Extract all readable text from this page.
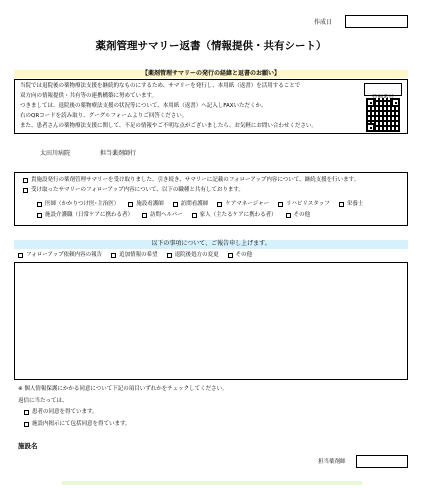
作成日
薬剤管理サマリー返書（情報提供・共有シート）
【薬剤管理サマリーの発行の経緯と返書のお願い】
当院では退院後の薬物療法支援を継続的なものにするため、サマリーを発行し、本用紙（返書）を活用することで
双方向の情報提供・共有等の連携構築に努めています。
つきましては、退院後の薬物療法支援の状況等について、本用紙（返書）へ記入しFAXいただくか、
右のQRコードを読み取り、グーグルフォームよりご回答ください。
また、患者さんの薬物療法支援に関して、不足の情報やご不明な点がございましたら、お気軽にお問い合わせください。
太田川病院	担当薬剤師行
貴施設発行の薬剤管理サマリーを受け取りました。引き続き、サマリーに記載のフォローアップ内容について、継続支援を行います。
受け取ったサマリーのフォローアップ内容について、以下の職種と共有しております。
医師（かかりつけ医･主治医）	施設看護師	訪問看護師	ケアマネージャー	リハビリスタッフ	栄養士
施設介護職（日常ケアに携わる者）	訪問ヘルパー	家人（主たるケアに携わる者）	その他
以下の事項について、ご報告申し上げます。
フォローアップ依頼内容の報告	追加情報の希望	退院後処方の変更	その他
※ 個人情報保護にかかる同意について下記の項目いずれかをチェックしてください。
返信に当たっては、
患者の同意を得ています。
施設内掲示にて包括同意を得ています。
施設名
担当薬剤師
